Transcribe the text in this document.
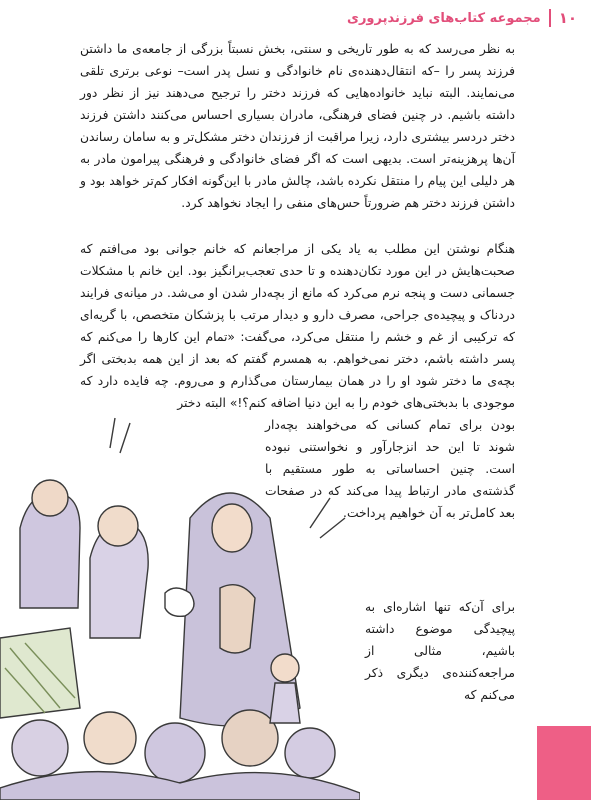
۱۰
مجموعه کتاب‌های فرزندپروری
به نظر می‌رسد که به طور تاریخی و سنتی، بخش نسبتاً بزرگی از جامعه‌ی ما داشتن فرزند پسر را –که انتقال‌دهنده‌ی نام خانوادگی و نسل پدر است– نوعی برتری تلقی می‌نمایند. البته نباید خانواده‌هایی که فرزند دختر را ترجیح می‌دهند نیز از نظر دور داشته باشیم. در چنین فضای فرهنگی، مادران بسیاری احساس می‌کنند داشتن فرزند دختر دردسر بیشتری دارد، زیرا مراقبت از فرزندان دختر مشکل‌تر و به سامان رساندن آن‌ها پرهزینه‌تر است. بدیهی است که اگر فضای خانوادگی و فرهنگی پیرامون مادر به هر دلیلی این پیام را منتقل نکرده باشد، چالش مادر با این‌گونه افکار کم‌تر خواهد بود و داشتن فرزند دختر هم ضرورتاً حس‌های منفی را ایجاد نخواهد کرد.
هنگام نوشتن این مطلب به یاد یکی از مراجعانم که خانم جوانی بود می‌افتم که صحبت‌هایش در این مورد تکان‌دهنده و تا حدی تعجب‌برانگیز بود. این خانم با مشکلات جسمانی دست و پنجه نرم می‌کرد که مانع از بچه‌دار شدن او می‌شد. در میانه‌ی فرایند دردناک و پیچیده‌ی جراحی، مصرف دارو و دیدار مرتب با پزشکان متخصص، با گریه‌ای که ترکیبی از غم و خشم را منتقل می‌کرد، می‌گفت: «تمام این کارها را می‌کنم که پسر داشته باشم، دختر نمی‌خواهم. به همسرم گفتم که بعد از این همه بدبختی اگر بچه‌ی ما دختر شود او را در همان بیمارستان می‌گذارم و می‌روم. چه فایده دارد که موجودی با بدبختی‌های خودم را به این دنیا اضافه کنم؟!» البته دختر
بودن برای تمام کسانی که می‌خواهند بچه‌دار شوند تا این حد انزجارآور و نخواستنی نبوده است. چنین احساساتی به طور مستقیم با گذشته‌ی مادر ارتباط پیدا می‌کند که در صفحات بعد کامل‌تر به آن خواهیم پرداخت.
برای آن‌که تنها اشاره‌ای به پیچیدگی موضوع داشته باشیم، مثالی از مراجعه‌کننده‌ی دیگری ذکر می‌کنم که
